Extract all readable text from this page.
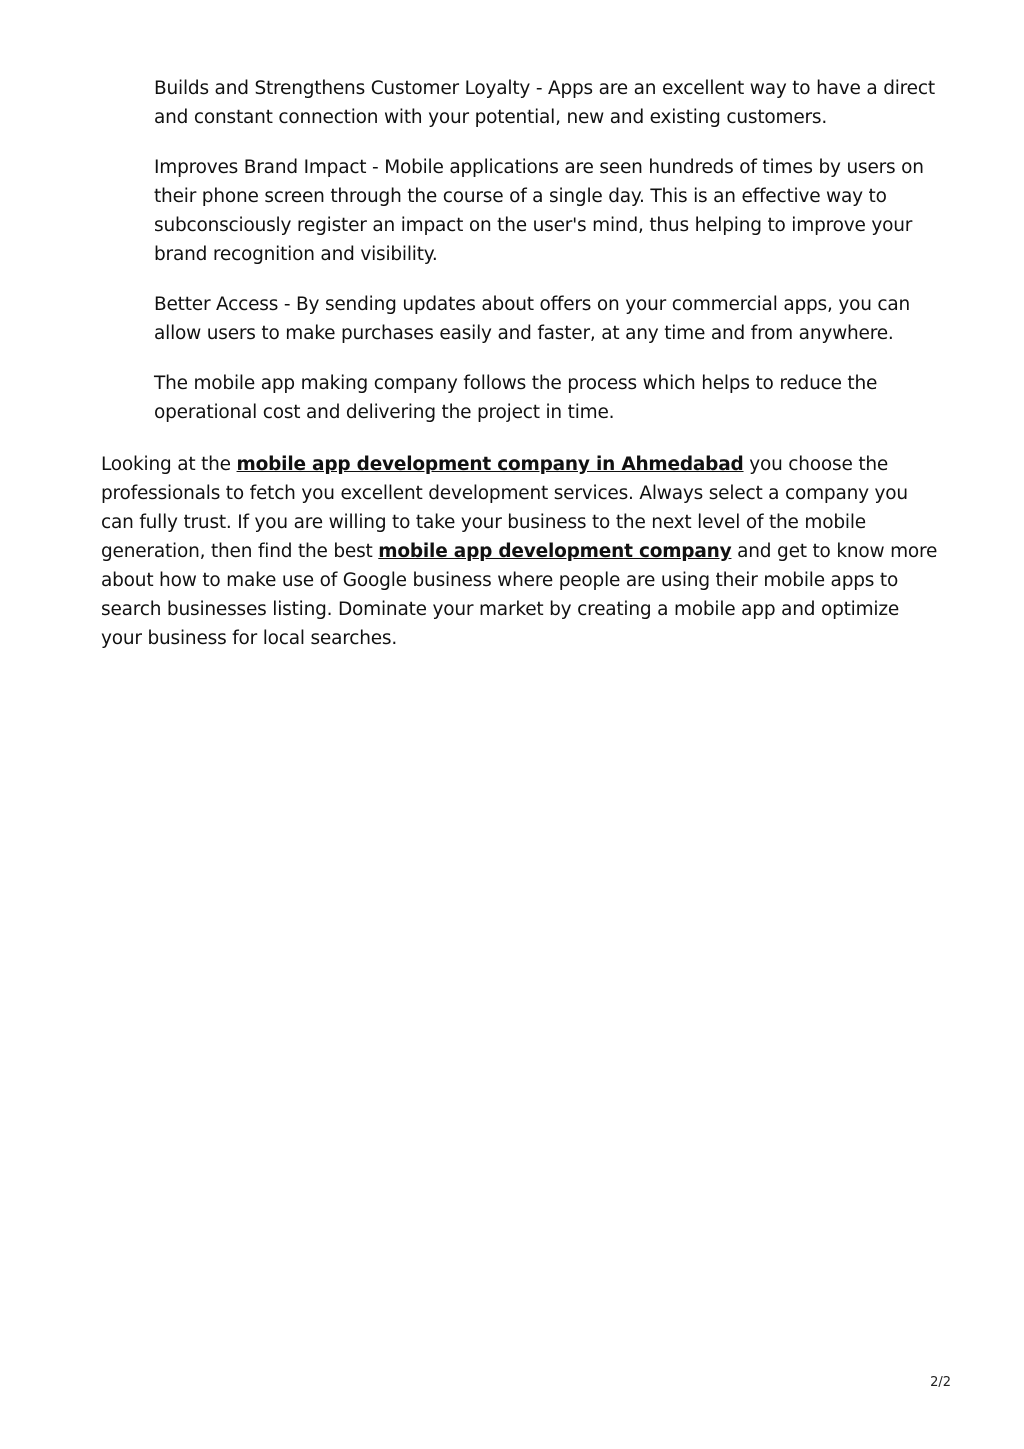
Builds and Strengthens Customer Loyalty - Apps are an excellent way to have a direct and constant connection with your potential, new and existing customers.
Improves Brand Impact - Mobile applications are seen hundreds of times by users on their phone screen through the course of a single day. This is an effective way to subconsciously register an impact on the user's mind, thus helping to improve your brand recognition and visibility.
Better Access - By sending updates about offers on your commercial apps, you can allow users to make purchases easily and faster, at any time and from anywhere.
The mobile app making company follows the process which helps to reduce the operational cost and delivering the project in time.

Looking at the mobile app development company in Ahmedabad you choose the professionals to fetch you excellent development services. Always select a company you can fully trust. If you are willing to take your business to the next level of the mobile generation, then find the best mobile app development company and get to know more about how to make use of Google business where people are using their mobile apps to search businesses listing. Dominate your market by creating a mobile app and optimize your business for local searches.

2/2
